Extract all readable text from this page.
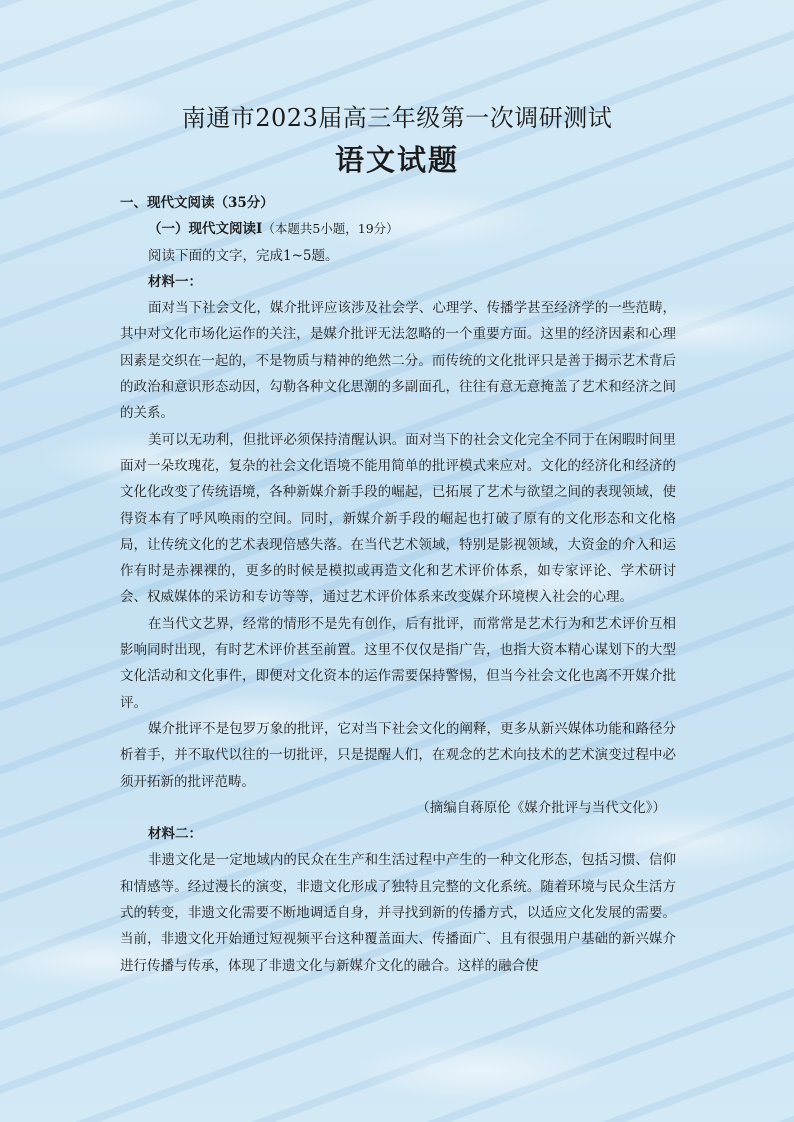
南通市2023届高三年级第一次调研测试
语文试题

一、现代文阅读（35分）

（一）现代文阅读Ⅰ（本题共5小题，19分）

阅读下面的文字，完成1~5题。

材料一：

面对当下社会文化，媒介批评应该涉及社会学、心理学、传播学甚至经济学的一些范畴，其中对文化市场化运作的关注，是媒介批评无法忽略的一个重要方面。这里的经济因素和心理因素是交织在一起的，不是物质与精神的绝然二分。而传统的文化批评只是善于揭示艺术背后的政治和意识形态动因，勾勒各种文化思潮的多副面孔，往往有意无意掩盖了艺术和经济之间的关系。

美可以无功利，但批评必须保持清醒认识。面对当下的社会文化完全不同于在闲暇时间里面对一朵玫瑰花，复杂的社会文化语境不能用简单的批评模式来应对。文化的经济化和经济的文化化改变了传统语境，各种新媒介新手段的崛起，已拓展了艺术与欲望之间的表现领域，使得资本有了呼风唤雨的空间。同时，新媒介新手段的崛起也打破了原有的文化形态和文化格局，让传统文化的艺术表现倍感失落。在当代艺术领域，特别是影视领域，大资金的介入和运作有时是赤裸裸的，更多的时候是模拟或再造文化和艺术评价体系，如专家评论、学术研讨会、权威媒体的采访和专访等等，通过艺术评价体系来改变媒介环境楔入社会的心理。

在当代文艺界，经常的情形不是先有创作，后有批评，而常常是艺术行为和艺术评价互相影响同时出现，有时艺术评价甚至前置。这里不仅仅是指广告，也指大资本精心谋划下的大型文化活动和文化事件，即便对文化资本的运作需要保持警惕，但当今社会文化也离不开媒介批评。

媒介批评不是包罗万象的批评，它对当下社会文化的阐释，更多从新兴媒体功能和路径分析着手，并不取代以往的一切批评，只是提醒人们，在观念的艺术向技术的艺术演变过程中必须开拓新的批评范畴。

（摘编自蒋原伦《媒介批评与当代文化》）

材料二：

非遗文化是一定地域内的民众在生产和生活过程中产生的一种文化形态，包括习惯、信仰和情感等。经过漫长的演变，非遗文化形成了独特且完整的文化系统。随着环境与民众生活方式的转变，非遗文化需要不断地调适自身，并寻找到新的传播方式，以适应文化发展的需要。当前，非遗文化开始通过短视频平台这种覆盖面大、传播面广、且有很强用户基础的新兴媒介进行传播与传承，体现了非遗文化与新媒介文化的融合。这样的融合使
